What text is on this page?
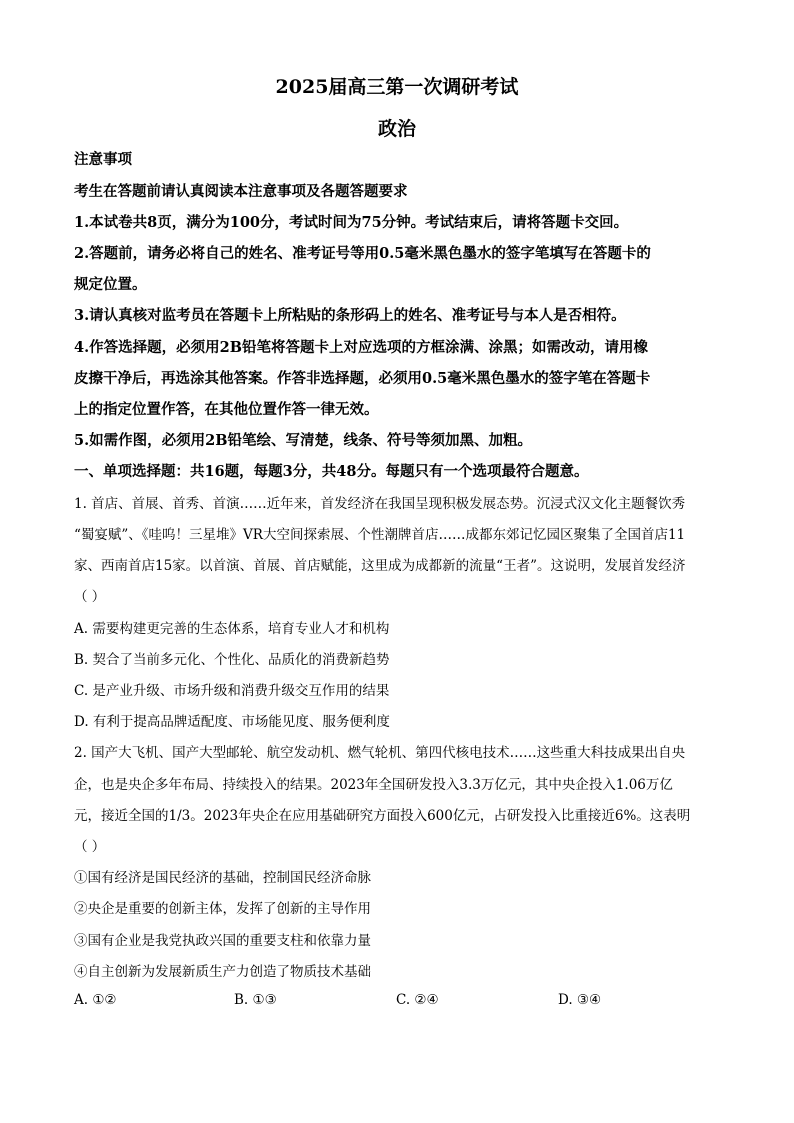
2025届高三第一次调研考试
政治
注意事项
考生在答题前请认真阅读本注意事项及各题答题要求
1.本试卷共8页，满分为100分，考试时间为75分钟。考试结束后，请将答题卡交回。
2.答题前，请务必将自己的姓名、准考证号等用0.5毫米黑色墨水的签字笔填写在答题卡的
规定位置。
3.请认真核对监考员在答题卡上所粘贴的条形码上的姓名、准考证号与本人是否相符。
4.作答选择题，必须用2B铅笔将答题卡上对应选项的方框涂满、涂黑；如需改动，请用橡
皮擦干净后，再选涂其他答案。作答非选择题，必须用0.5毫米黑色墨水的签字笔在答题卡
上的指定位置作答，在其他位置作答一律无效。
5.如需作图，必须用2B铅笔绘、写清楚，线条、符号等须加黑、加粗。
一、单项选择题：共16题，每题3分，共48分。每题只有一个选项最符合题意。
1. 首店、首展、首秀、首演……近年来，首发经济在我国呈现积极发展态势。沉浸式汉文化主题餐饮秀
“蜀宴赋”、《哇呜！三星堆》VR大空间探索展、个性潮牌首店……成都东郊记忆园区聚集了全国首店11
家、西南首店15家。以首演、首展、首店赋能，这里成为成都新的流量“王者”。这说明，发展首发经济
（ ）
A. 需要构建更完善的生态体系，培育专业人才和机构
B. 契合了当前多元化、个性化、品质化的消费新趋势
C. 是产业升级、市场升级和消费升级交互作用的结果
D. 有利于提高品牌适配度、市场能见度、服务便利度
2. 国产大飞机、国产大型邮轮、航空发动机、燃气轮机、第四代核电技术……这些重大科技成果出自央
企，也是央企多年布局、持续投入的结果。2023年全国研发投入3.3万亿元，其中央企投入1.06万亿
元，接近全国的1/3。2023年央企在应用基础研究方面投入600亿元，占研发投入比重接近6%。这表明
（ ）
①国有经济是国民经济的基础，控制国民经济命脉
②央企是重要的创新主体，发挥了创新的主导作用
③国有企业是我党执政兴国的重要支柱和依靠力量
④自主创新为发展新质生产力创造了物质技术基础
A. ①②	B. ①③	C. ②④	D. ③④
